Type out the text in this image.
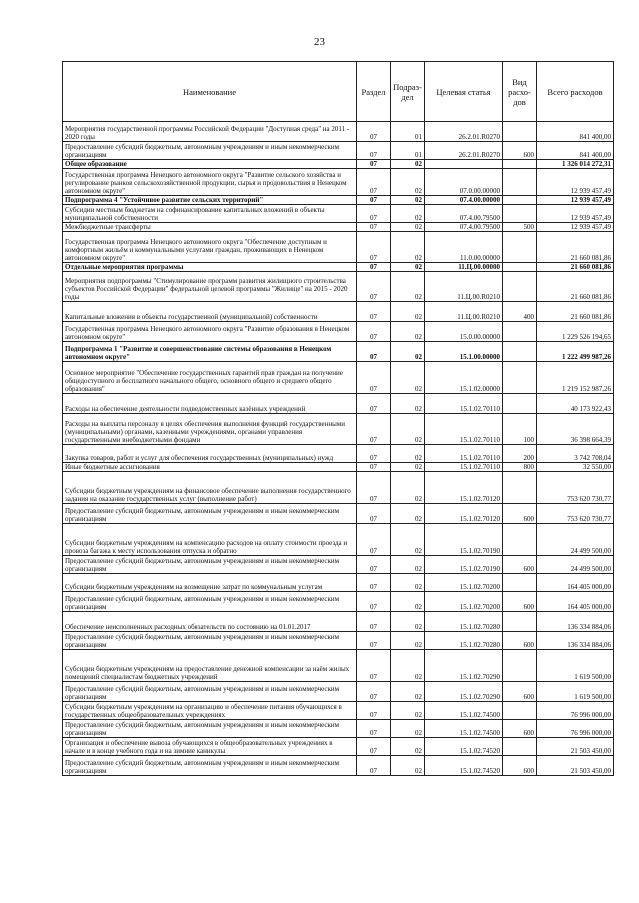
23
Наименование	Раздел	Подраз-дел	Целевая статья	Вид расхо-дов	Всего расходов
Мероприятия государственной программы Российской Федерации "Доступная среда" на 2011 - 2020 годы	07	01	26.2.01.R0270		841 400,00
Предоставление субсидий бюджетным, автономным учреждениям и иным некоммерческим организациям	07	01	26.2.01.R0270	600	841 400,00
Общее образование	07	02			1 326 014 272,31
Государственная программа Ненецкого автономного округа "Развитие сельского хозяйства и регулирование рынков сельскохозяйственной продукции, сырья и продовольствия в Ненецком автономном округе"	07	02	07.0.00.00000		12 939 457,49
Подпрограмма 4 "Устойчивое развитие сельских территорий"	07	02	07.4.00.00000		12 939 457,49
Субсидии местным бюджетам на софинансирование капитальных вложений в объекты муниципальной собственности	07	02	07.4.00.79500		12 939 457,49
Межбюджетные трансферты	07	02	07.4.00.79500	500	12 939 457,49
Государственная программа Ненецкого автономного округа "Обеспечение доступным и комфортным жильём и коммунальными услугами граждан, проживающих в Ненецком автономном округе"	07	02	11.0.00.00000		21 660 081,86
Отдельные мероприятия программы	07	02	11.Ц.00.00000		21 660 081,86
Мероприятия подпрограммы "Стимулирование программ развития жилищного строительства субъектов Российской Федерации" федеральной целевой программы "Жилище" на 2015 - 2020 годы	07	02	11.Ц.00.R0210		21 660 081,86
Капитальные вложения в объекты государственной (муниципальной) собственности	07	02	11.Ц.00.R0210	400	21 660 081,86
Государственная программа Ненецкого автономного округа "Развитие образования в Ненецком автономном округе"	07	02	15.0.00.00000		1 229 526 194,65
Подпрограмма 1 "Развитие и совершенствование системы образования в Ненецком автономном округе"	07	02	15.1.00.00000		1 222 499 987,26
Основное мероприятие "Обеспечение государственных гарантий прав граждан на получение общедоступного и бесплатного начального общего, основного общего и среднего общего образования"	07	02	15.1.02.00000		1 219 152 987,26
Расходы на обеспечение деятельности подведомственных казённых учреждений	07	02	15.1.02.70110		40 173 922,43
Расходы на выплаты персоналу в целях обеспечения выполнения функций государственными (муниципальными) органами, казенными учреждениями, органами управления государственными внебюджетными фондами	07	02	15.1.02.70110	100	36 398 664,39
Закупка товаров, работ и услуг для обеспечения государственных (муниципальных) нужд	07	02	15.1.02.70110	200	3 742 708,04
Иные бюджетные ассигнования	07	02	15.1.02.70110	800	32 550,00
Субсидии бюджетным учреждениям на финансовое обеспечение выполнения государственного задания на оказание государственных услуг (выполнение работ)	07	02	15.1.02.70120		753 620 730,77
Предоставление субсидий бюджетным, автономным учреждениям и иным некоммерческим организациям	07	02	15.1.02.70120	600	753 620 730,77
Субсидии бюджетным учреждениям на компенсацию расходов на оплату стоимости проезда и провоза багажа к месту использования отпуска и обратно	07	02	15.1.02.70190		24 499 500,00
Предоставление субсидий бюджетным, автономным учреждениям и иным некоммерческим организациям	07	02	15.1.02.70190	600	24 499 500,00
Субсидии бюджетным учреждениям на возмещение затрат по коммунальным услугам	07	02	15.1.02.70200		164 405 000,00
Предоставление субсидий бюджетным, автономным учреждениям и иным некоммерческим организациям	07	02	15.1.02.70200	600	164 405 000,00
Обеспечение неисполненных расходных обязательств по состоянию на 01.01.2017	07	02	15.1.02.70280		136 334 884,06
Предоставление субсидий бюджетным, автономным учреждениям и иным некоммерческим организациям	07	02	15.1.02.70280	600	136 334 884,06
Субсидии бюджетным учреждениям на предоставление денежной компенсации за наём жилых помещений специалистам бюджетных учреждений	07	02	15.1.02.70290		1 619 500,00
Предоставление субсидий бюджетным, автономным учреждениям и иным некоммерческим организациям	07	02	15.1.02.70290	600	1 619 500,00
Субсидии бюджетным учреждениям на организацию и обеспечение питания обучающихся в государственных общеобразовательных учреждениях	07	02	15.1.02.74500		76 996 000,00
Предоставление субсидий бюджетным, автономным учреждениям и иным некоммерческим организациям	07	02	15.1.02.74500	600	76 996 000,00
Организация и обеспечение вывоза обучающихся в общеобразовательных учреждениях в начале и в конце учебного года и на зимние каникулы	07	02	15.1.02.74520		21 503 450,00
Предоставление субсидий бюджетным, автономным учреждениям и иным некоммерческим организациям	07	02	15.1.02.74520	600	21 503 450,00
